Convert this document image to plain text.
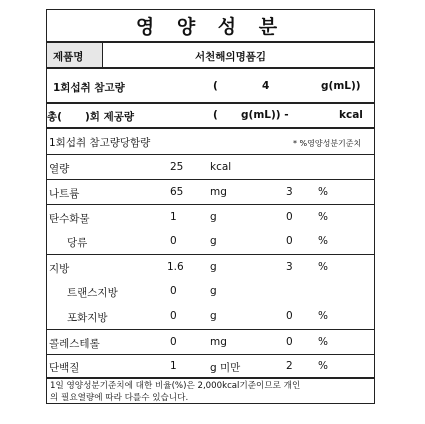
영 양 성 분
제품명	서천해의명품김
1회섭취 참고량	(	4	g(mL))
총( )회 제공량	( g(mL)) -	kcal
1회섭취 참고량당함량	* %영양성분기준치
열량	25	kcal
나트륨	65	mg	3 %
탄수화물	1	g	0 %
당류	0	g	0 %
지방	1.6	g	3 %
트랜스지방	0	g
포화지방	0	g	0 %
콜레스테롤	0	mg	0 %
단백질	1	g 미만	2 %
1일 영양성분기준치에 대한 비율(%)은 2,000kcal기준이므로 개인
의 필요열량에 따라 다를수 있습니다.
